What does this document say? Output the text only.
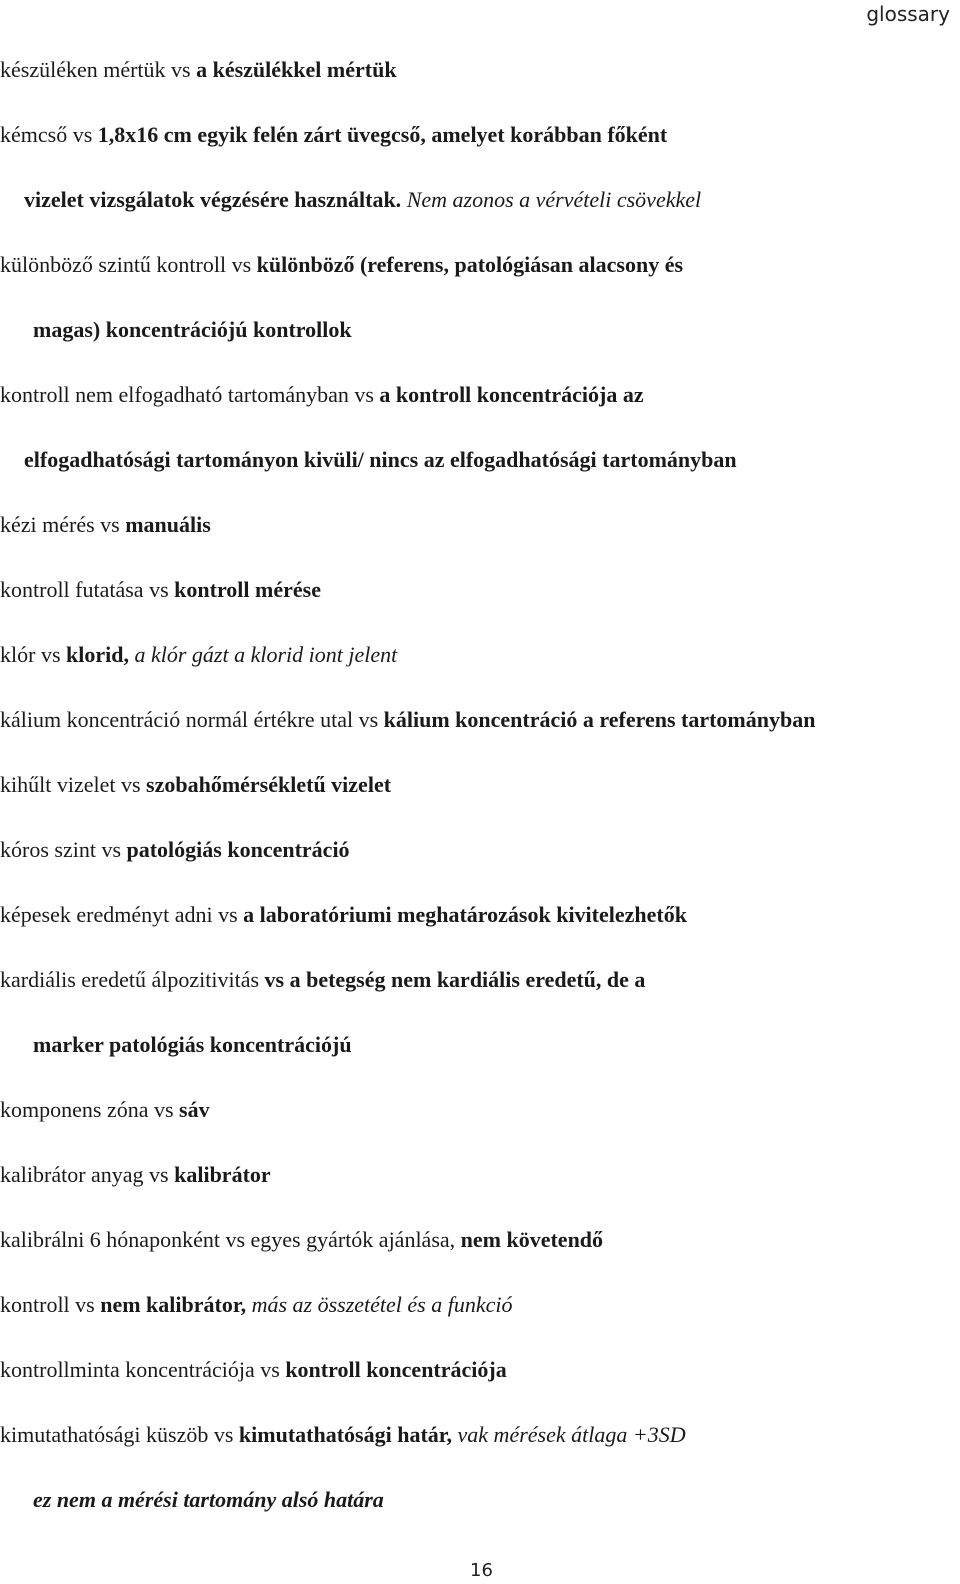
glossary
készüléken mértük vs a készülékkel mértük
kémcső vs 1,8x16 cm egyik felén zárt üvegcső, amelyet korábban főként
vizelet vizsgálatok végzésére használtak. Nem azonos a vérvételi csövekkel
különböző szintű kontroll vs különböző (referens, patológiásan alacsony és
magas) koncentrációjú kontrollok
kontroll nem elfogadható tartományban vs a kontroll koncentrációja az
elfogadhatósági tartományon kivüli/ nincs az elfogadhatósági tartományban
kézi mérés vs manuális
kontroll futatása vs kontroll mérése
klór vs klorid, a klór gázt a klorid iont jelent
kálium koncentráció normál értékre utal vs kálium koncentráció a referens tartományban
kihűlt vizelet vs szobahőmérsékletű vizelet
kóros szint vs patológiás koncentráció
képesek eredményt adni vs a laboratóriumi meghatározások kivitelezhetők
kardiális eredetű álpozitivitás vs a betegség nem kardiális eredetű, de a
marker patológiás koncentrációjú
komponens zóna vs sáv
kalibrátor anyag vs kalibrátor
kalibrálni 6 hónaponként vs egyes gyártók ajánlása, nem követendő
kontroll vs nem kalibrátor, más az összetétel és a funkció
kontrollminta koncentrációja vs kontroll koncentrációja
kimutathatósági küszöb vs kimutathatósági határ, vak mérések átlaga +3SD
ez nem a mérési tartomány alsó határa
16
